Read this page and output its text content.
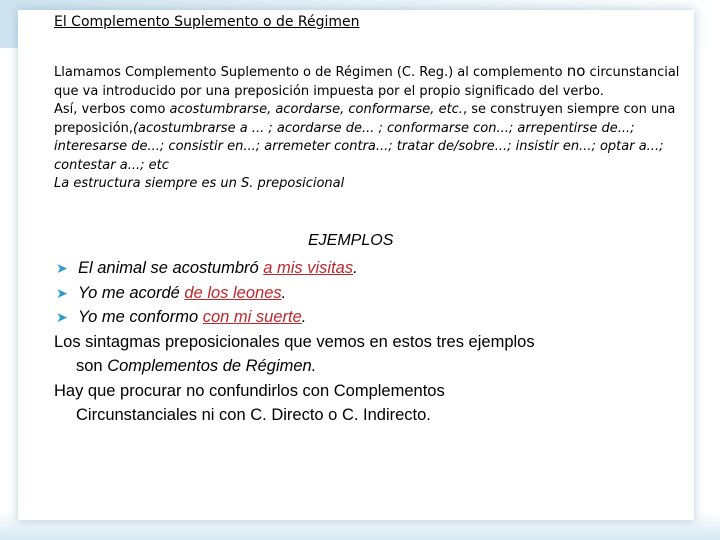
El Complemento Suplemento o de Régimen

Llamamos Complemento Suplemento o de Régimen (C. Reg.) al complemento no circunstancial que va introducido por una preposición impuesta por el propio significado del verbo.

Así, verbos como acostumbrarse, acordarse, conformarse, etc., se construyen siempre con una preposición,(acostumbrarse a ... ; acordarse de... ; conformarse con...; arrepentirse de...; interesarse de...; consistir en...; arremeter contra...; tratar de/sobre...; insistir en...; optar a...; contestar a...; etc

La estructura siempre es un S. preposicional

EJEMPLOS
➤ El animal se acostumbró a mis visitas.
➤ Yo me acordé de los leones.
➤ Yo me conformo con mi suerte.
Los sintagmas preposicionales que vemos en estos tres ejemplos
son Complementos de Régimen.
Hay que procurar no confundirlos con Complementos
Circunstanciales ni con C. Directo o C. Indirecto.
